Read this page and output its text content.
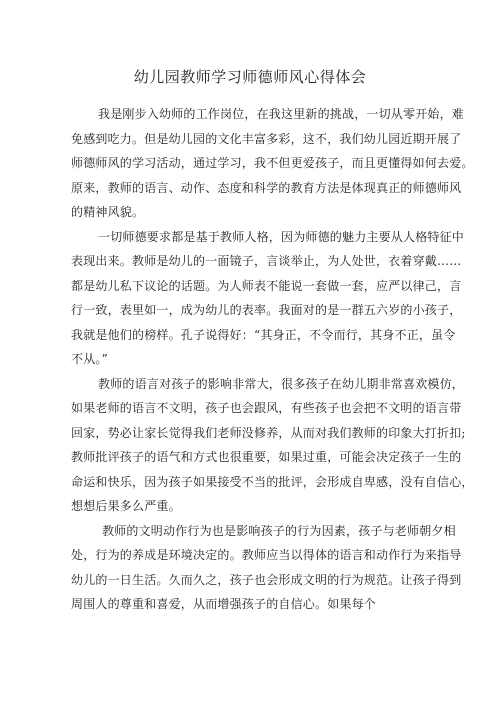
幼儿园教师学习师德师风心得体会

我是刚步入幼师的工作岗位，在我这里新的挑战，一切从零开始，难
免感到吃力。但是幼儿园的文化丰富多彩，这不，我们幼儿园近期开展了
师德师风的学习活动，通过学习，我不但更爱孩子，而且更懂得如何去爱。
原来，教师的语言、动作、态度和科学的教育方法是体现真正的师德师风
的精神风貌。

一切师德要求都是基于教师人格，因为师德的魅力主要从人格特征中
表现出来。教师是幼儿的一面镜子，言谈举止，为人处世，衣着穿戴……
都是幼儿私下议论的话题。为人师表不能说一套做一套，应严以律己，言
行一致，表里如一，成为幼儿的表率。我面对的是一群五六岁的小孩子，
我就是他们的榜样。孔子说得好：“其身正，不令而行，其身不正，虽令
不从。”

教师的语言对孩子的影响非常大，很多孩子在幼儿期非常喜欢模仿，
如果老师的语言不文明，孩子也会跟风，有些孩子也会把不文明的语言带
回家，势必让家长觉得我们老师没修养，从而对我们教师的印象大打折扣;
教师批评孩子的语气和方式也很重要，如果过重，可能会决定孩子一生的
命运和快乐，因为孩子如果接受不当的批评，会形成自卑感，没有自信心，
想想后果多么严重。

教师的文明动作行为也是影响孩子的行为因素，孩子与老师朝夕相
处，行为的养成是环境决定的。教师应当以得体的语言和动作行为来指导
幼儿的一日生活。久而久之，孩子也会形成文明的行为规范。让孩子得到
周围人的尊重和喜爱，从而增强孩子的自信心。如果每个
